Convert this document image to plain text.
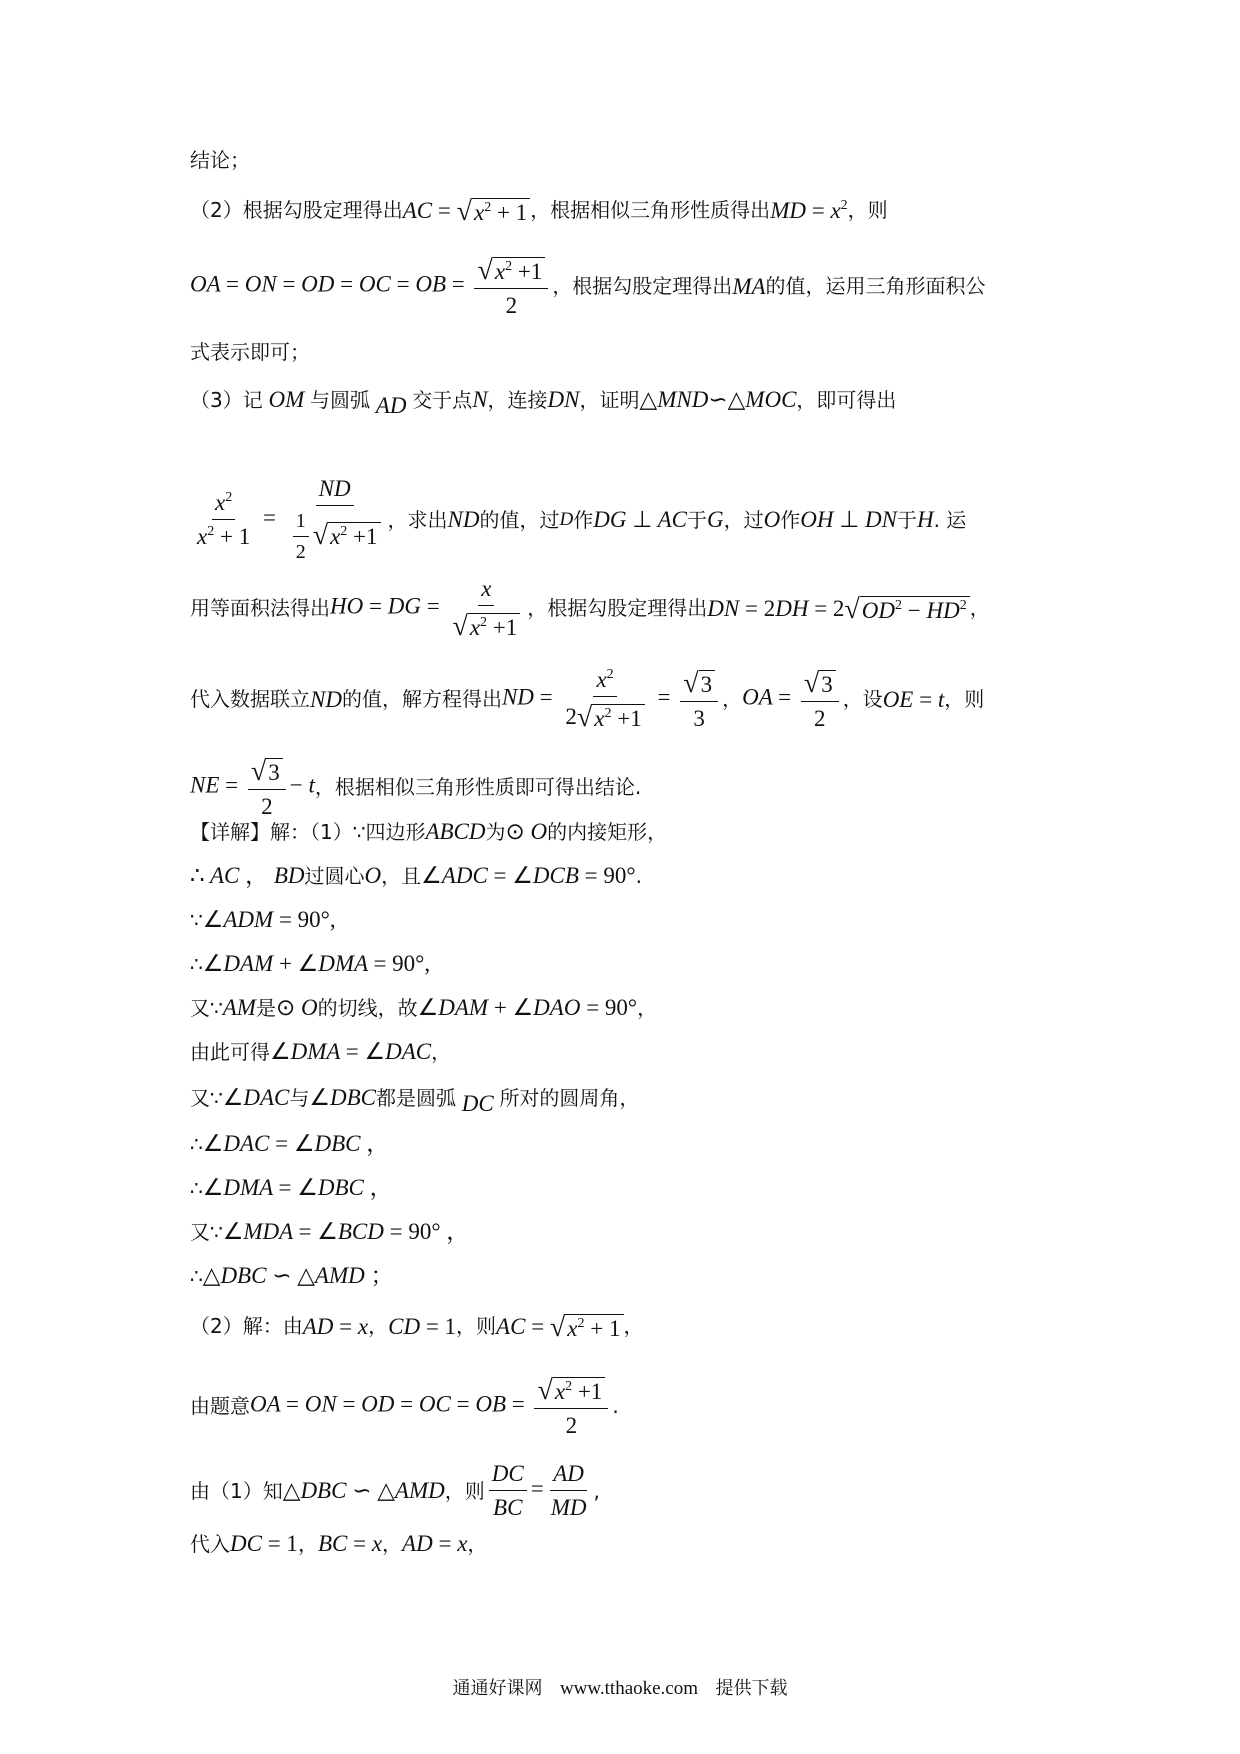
结论；
（2）根据勾股定理得出 AC = √ $x^2 + 1$ ，根据相似三角形性质得出 MD = $x^2$ ，则
OA = ON = OD = OC = OB = $\frac{√ x^2 +1}{2}$ ，根据勾股定理得出 MA 的值，运用三角形面积公
式表示即可；
（3）记 OM 与圆弧 AD 交于点 N ，连接 DN ，证明 △MND∽△MOC ，即可得出
$\frac{x^2}{x^2 + 1} = \frac{ND}{\frac{1}{2} √ x^2 +1}$ ，求出 ND 的值，过 D 作 DG ⊥ AC 于 G ，过 O 作 OH ⊥ DN 于 H . 运
用等面积法得出 HO = DG = $\frac{x}{√ x^2 +1}$ ，根据勾股定理得出 DN = 2DH = 2 √ $OD^2 - HD^2$ ，
代入数据联立 ND 的值，解方程得出 ND = $\frac{x^2}{2 √ x^2 +1} = \frac{√ 3}{3}$ ， OA = $\frac{√ 3}{2}$ ，设 OE = t ，则
NE = $\frac{√ 3}{2} - t$ ，根据相似三角形性质即可得出结论.
【详解】解：（1）∵四边形 ABCD 为 ⊙ O 的内接矩形，
∴ AC ， BD 过圆心 O ，且 ∠ADC = ∠DCB = 90° .
∵ ∠ADM = 90°,
∴ ∠DAM + ∠DMA = 90°,
又∵ AM 是 ⊙ O 的切线，故 ∠DAM + ∠DAO = 90° ，
由此可得 ∠DMA = ∠DAC ，
又∵ ∠DAC 与 ∠DBC 都是圆弧 DC 所对的圆周角，
∴ ∠DAC = ∠DBC ，
∴ ∠DMA = ∠DBC ，
又∵ ∠MDA = ∠BCD = 90° ，
∴ △DBC ∽ △AMD ；
（2）解：由 AD = x ， CD = 1 ，则 AC = √ $x^2 + 1$ ，
由题意 OA = ON = OD = OC = OB = $\frac{√ x^2 +1}{2}$ .
由（1）知 △DBC ∽ △AMD ，则 $\frac{DC}{BC} = \frac{AD}{MD}$ ,
代入 DC = 1 ， BC = x ， AD = x ，
通通好课网 www.tthaoke.com 提供下载
